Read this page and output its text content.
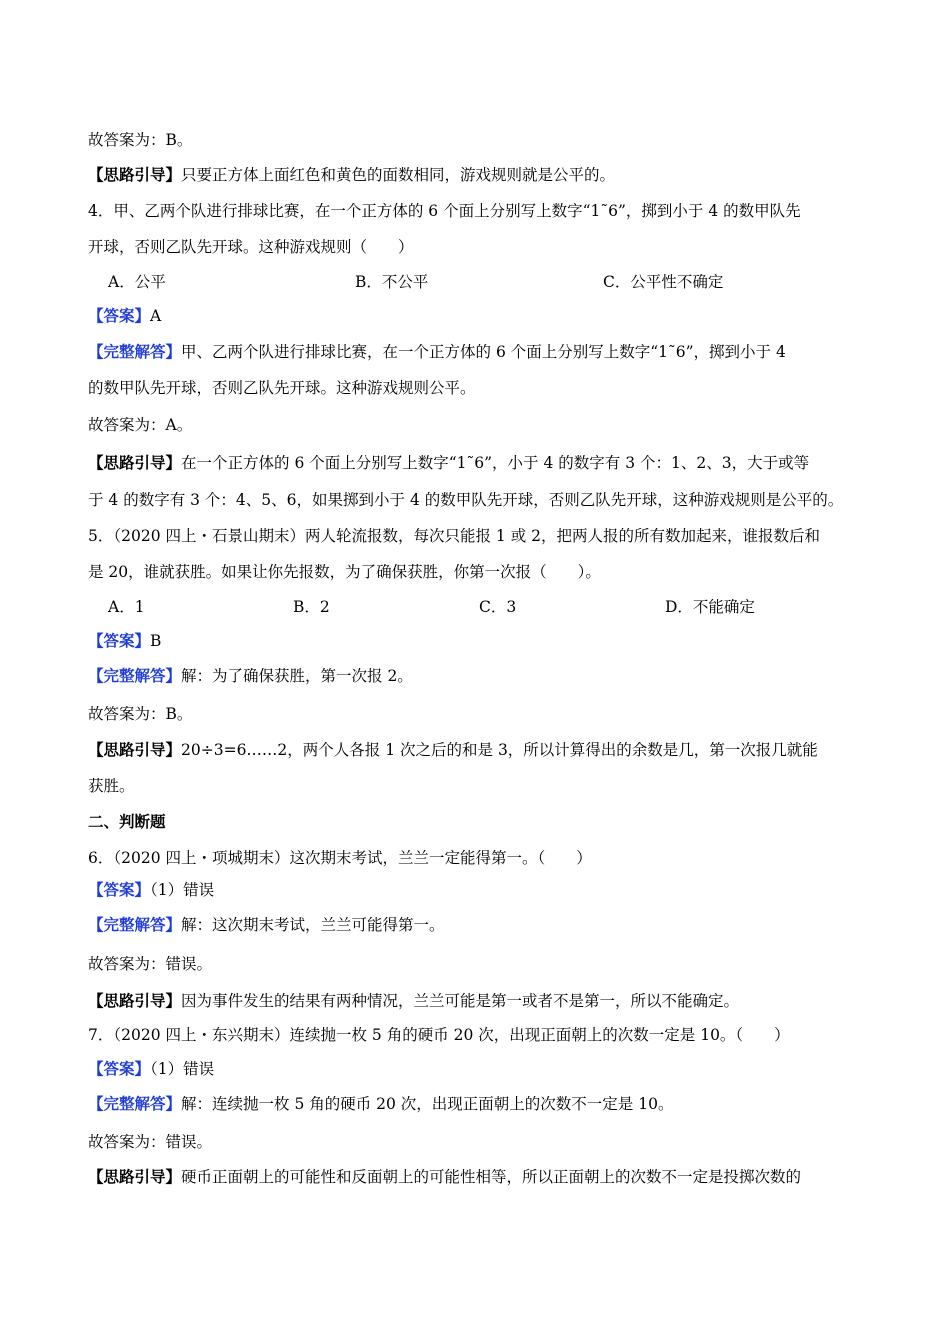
故答案为：B。
【思路引导】只要正方体上面红色和黄色的面数相同，游戏规则就是公平的。
4．甲、乙两个队进行排球比赛，在一个正方体的 6 个面上分别写上数字“1˜6”，掷到小于 4 的数甲队先
开球，否则乙队先开球。这种游戏规则（　　）
A．公平	B．不公平	C．公平性不确定
【答案】A
【完整解答】甲、乙两个队进行排球比赛，在一个正方体的 6 个面上分别写上数字“1˜6”，掷到小于 4
的数甲队先开球，否则乙队先开球。这种游戏规则公平。
故答案为：A。
【思路引导】在一个正方体的 6 个面上分别写上数字“1˜6”，小于 4 的数字有 3 个：1、2、3，大于或等
于 4 的数字有 3 个：4、5、6，如果掷到小于 4 的数甲队先开球，否则乙队先开球，这种游戏规则是公平的。
5．（2020 四上・石景山期末）两人轮流报数，每次只能报 1 或 2，把两人报的所有数加起来，谁报数后和
是 20，谁就获胜。如果让你先报数，为了确保获胜，你第一次报（　　）。
A．1	B．2	C．3	D．不能确定
【答案】B
【完整解答】解：为了确保获胜，第一次报 2。
故答案为：B。
【思路引导】20÷3=6……2，两个人各报 1 次之后的和是 3，所以计算得出的余数是几，第一次报几就能
获胜。
二、判断题
6．（2020 四上・项城期末）这次期末考试，兰兰一定能得第一。（　　）
【答案】（1）错误
【完整解答】解：这次期末考试，兰兰可能得第一。
故答案为：错误。
【思路引导】因为事件发生的结果有两种情况，兰兰可能是第一或者不是第一，所以不能确定。
7．（2020 四上・东兴期末）连续抛一枚 5 角的硬币 20 次，出现正面朝上的次数一定是 10。（　　）
【答案】（1）错误
【完整解答】解：连续抛一枚 5 角的硬币 20 次，出现正面朝上的次数不一定是 10。
故答案为：错误。
【思路引导】硬币正面朝上的可能性和反面朝上的可能性相等，所以正面朝上的次数不一定是投掷次数的
